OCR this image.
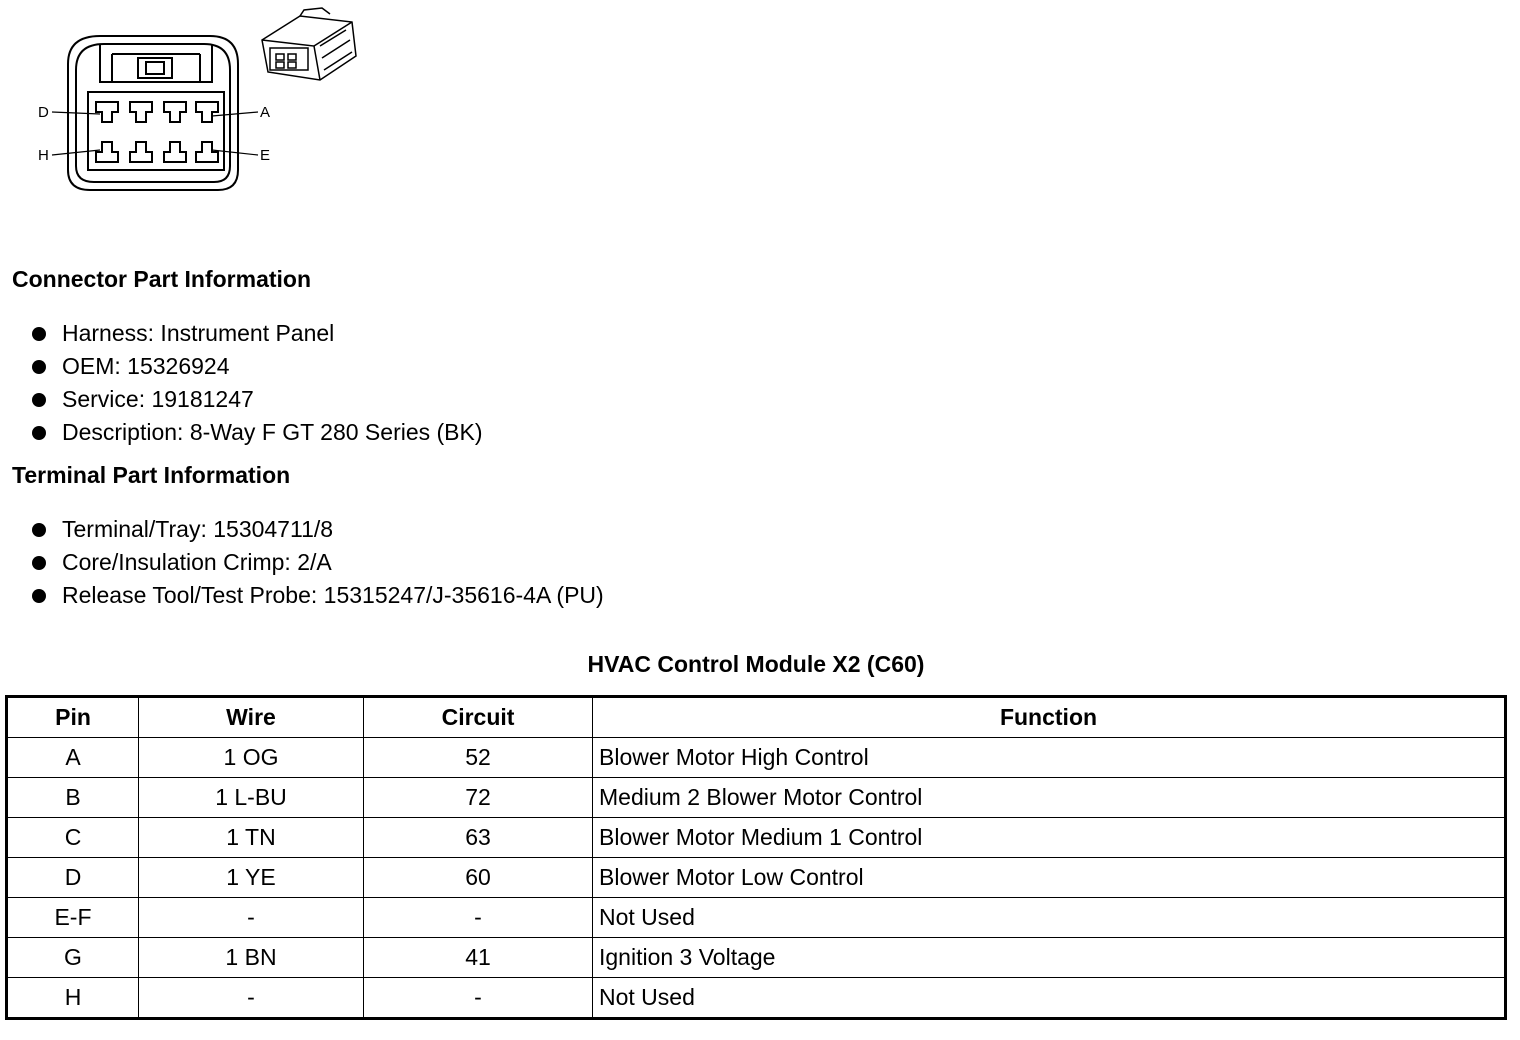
D	A
H	E
Connector Part Information
Harness: Instrument Panel
OEM: 15326924
Service: 19181247
Description: 8-Way F GT 280 Series (BK)
Terminal Part Information
Terminal/Tray: 15304711/8
Core/Insulation Crimp: 2/A
Release Tool/Test Probe: 15315247/J-35616-4A (PU)
HVAC Control Module X2 (C60)
Pin	Wire	Circuit	Function
A	1 OG	52	Blower Motor High Control
B	1 L-BU	72	Medium 2 Blower Motor Control
C	1 TN	63	Blower Motor Medium 1 Control
D	1 YE	60	Blower Motor Low Control
E-F	-	-	Not Used
G	1 BN	41	Ignition 3 Voltage
H	-	-	Not Used
